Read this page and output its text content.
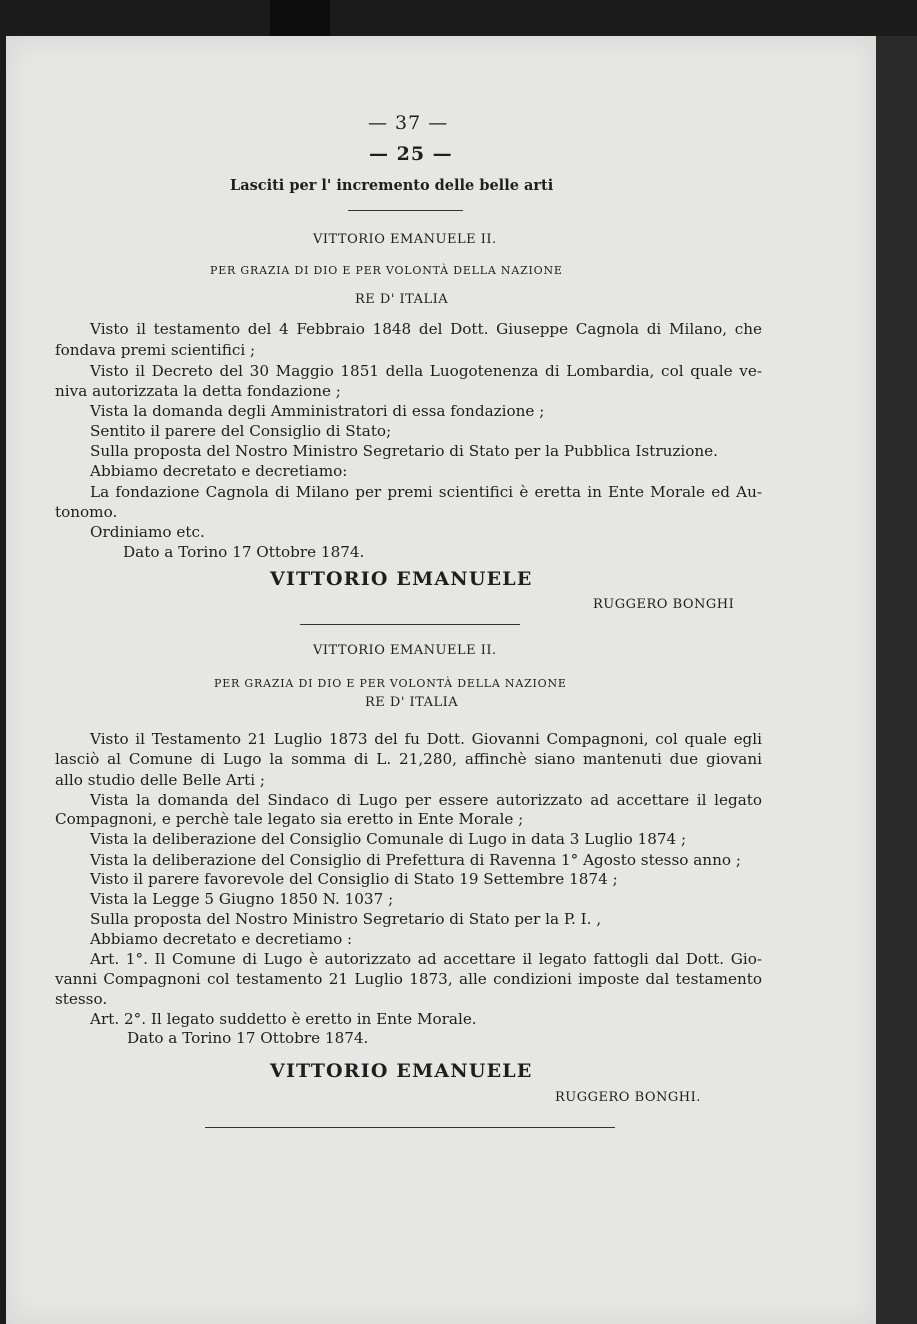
— 37 —
— 25 —
Lasciti per l' incremento delle belle arti
VITTORIO EMANUELE II.
PER GRAZIA DI DIO E PER VOLONTÀ DELLA NAZIONE
RE D' ITALIA
Visto il testamento del 4 Febbraio 1848 del Dott. Giuseppe Cagnola di Milano, che
fondava premi scientifici ;
Visto il Decreto del 30 Maggio 1851 della Luogotenenza di Lombardia, col quale ve-
niva autorizzata la detta fondazione ;
Vista la domanda degli Amministratori di essa fondazione ;
Sentito il parere del Consiglio di Stato;
Sulla proposta del Nostro Ministro Segretario di Stato per la Pubblica Istruzione.
Abbiamo decretato e decretiamo:
La fondazione Cagnola di Milano per premi scientifici è eretta in Ente Morale ed Au-
tonomo.
Ordiniamo etc.
Dato a Torino 17 Ottobre 1874.
VITTORIO EMANUELE
RUGGERO BONGHI
VITTORIO EMANUELE II.
PER GRAZIA DI DIO E PER VOLONTÀ DELLA NAZIONE
RE D' ITALIA
Visto il Testamento 21 Luglio 1873 del fu Dott. Giovanni Compagnoni, col quale egli
lasciò al Comune di Lugo la somma di L. 21,280, affinchè siano mantenuti due giovani
allo studio delle Belle Arti ;
Vista la domanda del Sindaco di Lugo per essere autorizzato ad accettare il legato
Compagnoni, e perchè tale legato sia eretto in Ente Morale ;
Vista la deliberazione del Consiglio Comunale di Lugo in data 3 Luglio 1874 ;
Vista la deliberazione del Consiglio di Prefettura di Ravenna 1° Agosto stesso anno ;
Visto il parere favorevole del Consiglio di Stato 19 Settembre 1874 ;
Vista la Legge 5 Giugno 1850 N. 1037 ;
Sulla proposta del Nostro Ministro Segretario di Stato per la P. I. ,
Abbiamo decretato e decretiamo :
Art. 1°. Il Comune di Lugo è autorizzato ad accettare il legato fattogli dal Dott. Gio-
vanni Compagnoni col testamento 21 Luglio 1873, alle condizioni imposte dal testamento
stesso.
Art. 2°. Il legato suddetto è eretto in Ente Morale.
Dato a Torino 17 Ottobre 1874.
VITTORIO EMANUELE
RUGGERO BONGHI.
